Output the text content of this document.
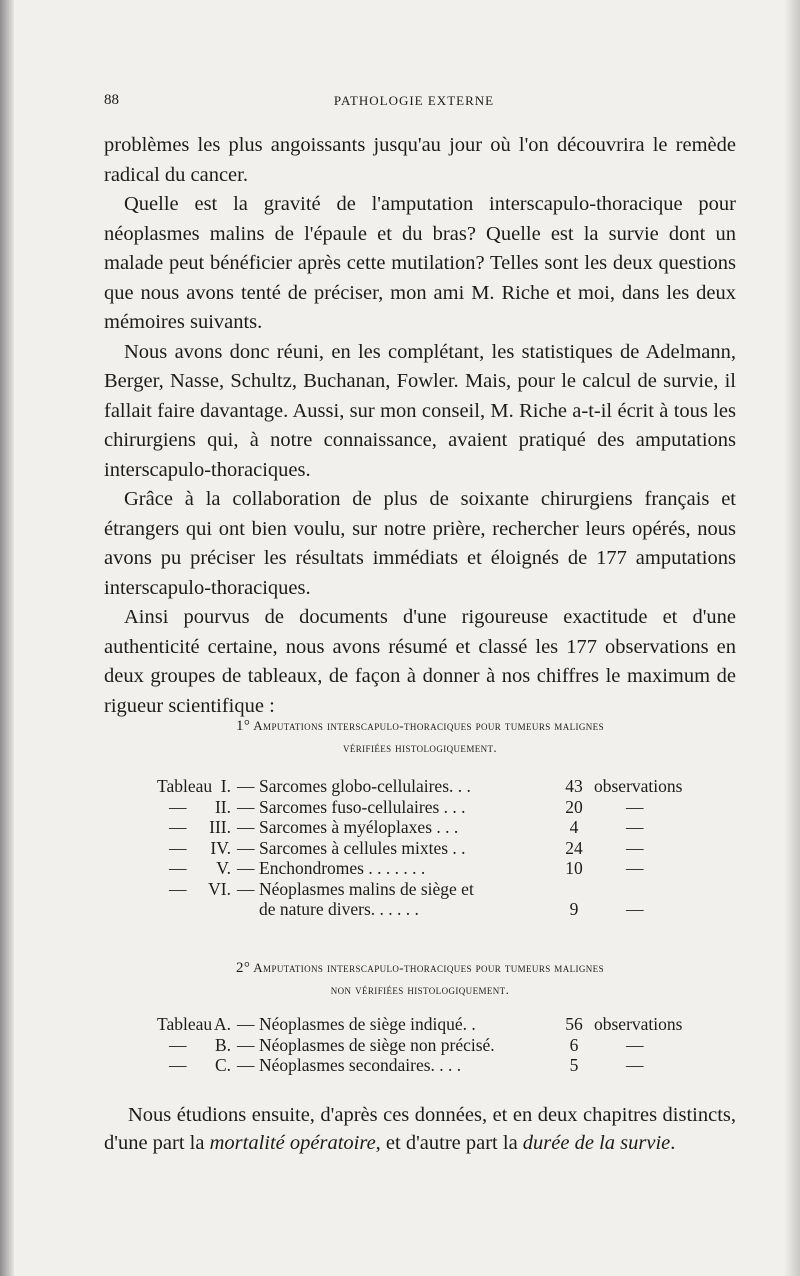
88	PATHOLOGIE EXTERNE

problèmes les plus angoissants jusqu'au jour où l'on découvrira le remède radical du cancer.

Quelle est la gravité de l'amputation interscapulo-thoracique pour néoplasmes malins de l'épaule et du bras? Quelle est la survie dont un malade peut bénéficier après cette mutilation? Telles sont les deux questions que nous avons tenté de préciser, mon ami M. Riche et moi, dans les deux mémoires suivants.

Nous avons donc réuni, en les complétant, les statistiques de Adelmann, Berger, Nasse, Schultz, Buchanan, Fowler. Mais, pour le calcul de survie, il fallait faire davantage. Aussi, sur mon conseil, M. Riche a-t-il écrit à tous les chirurgiens qui, à notre connaissance, avaient pratiqué des amputations interscapulo-thoraciques.

Grâce à la collaboration de plus de soixante chirurgiens français et étrangers qui ont bien voulu, sur notre prière, rechercher leurs opérés, nous avons pu préciser les résultats immédiats et éloignés de 177 amputations interscapulo-thoraciques.

Ainsi pourvus de documents d'une rigoureuse exactitude et d'une authenticité certaine, nous avons résumé et classé les 177 observations en deux groupes de tableaux, de façon à donner à nos chiffres le maximum de rigueur scientifique :

1° Amputations interscapulo-thoraciques pour tumeurs malignes
vérifiées histologiquement.
Tableau I. — Sarcomes globo-cellulaires. . .	43 observations
—	II. — Sarcomes fuso-cellulaires . . .	20	—
—	III. — Sarcomes à myéloplaxes . . .	4	—
—	IV. — Sarcomes à cellules mixtes . .	24	—
—	V. — Enchondromes . . . . . . .	10	—
—	VI. — Néoplasmes malins de siège et
de nature divers. . . . . .	9	—
2° Amputations interscapulo-thoraciques pour tumeurs malignes
non vérifiées histologiquement.
Tableau A. — Néoplasmes de siège indiqué. .	56 observations
—	B. — Néoplasmes de siège non précisé.	6	—
—	C. — Néoplasmes secondaires. . . .	5	—

Nous étudions ensuite, d'après ces données, et en deux chapitres distincts, d'une part la mortalité opératoire, et d'autre part la durée de la survie.
